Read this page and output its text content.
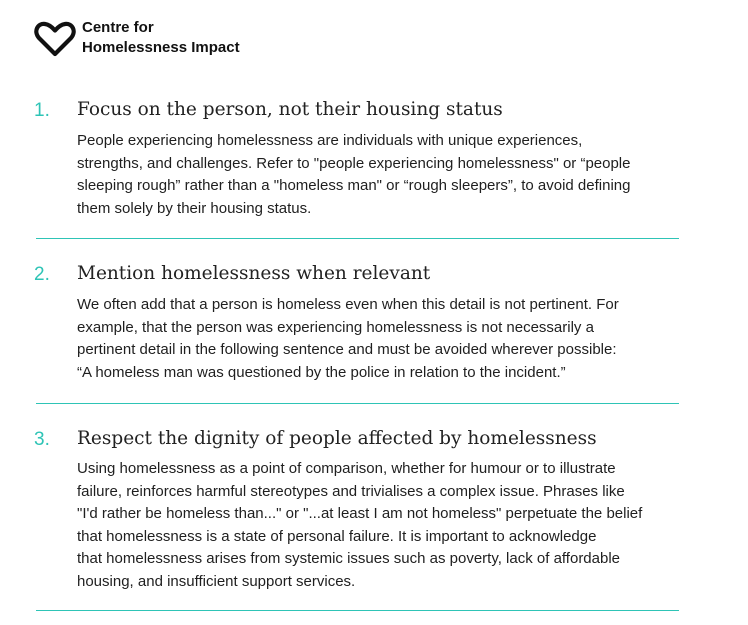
Centre for
Homelessness Impact
1. Focus on the person, not their housing status
People experiencing homelessness are individuals with unique experiences,
strengths, and challenges. Refer to "people experiencing homelessness" or “people
sleeping rough” rather than a "homeless man" or “rough sleepers”, to avoid defining
them solely by their housing status.
2. Mention homelessness when relevant
We often add that a person is homeless even when this detail is not pertinent. For
example, that the person was experiencing homelessness is not necessarily a
pertinent detail in the following sentence and must be avoided wherever possible:
“A homeless man was questioned by the police in relation to the incident.”
3. Respect the dignity of people affected by homelessness
Using homelessness as a point of comparison, whether for humour or to illustrate
failure, reinforces harmful stereotypes and trivialises a complex issue. Phrases like
"I'd rather be homeless than..." or "...at least I am not homeless" perpetuate the belief
that homelessness is a state of personal failure. It is important to acknowledge
that homelessness arises from systemic issues such as poverty, lack of affordable
housing, and insufficient support services.
